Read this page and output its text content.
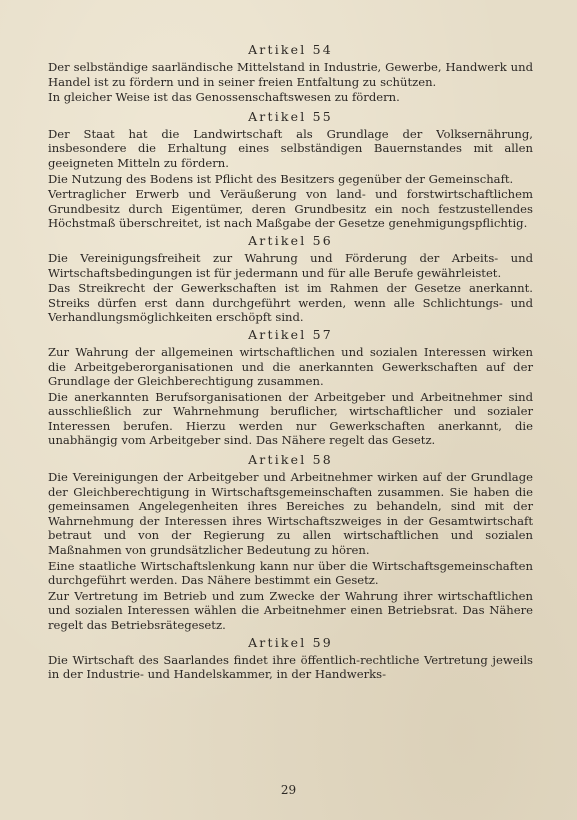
Artikel 54

Der selbständige saarländische Mittelstand in Industrie, Gewerbe, Handwerk und Handel ist zu fördern und in seiner freien Entfaltung zu schützen.

In gleicher Weise ist das Genossenschaftswesen zu fördern.

Artikel 55

Der Staat hat die Landwirtschaft als Grundlage der Volksernährung, insbesondere die Erhaltung eines selbständigen Bauernstandes mit allen geeigneten Mitteln zu fördern.

Die Nutzung des Bodens ist Pflicht des Besitzers gegenüber der Gemeinschaft.

Vertraglicher Erwerb und Veräußerung von land- und forstwirtschaftlichem Grundbesitz durch Eigentümer, deren Grundbesitz ein noch festzustellendes Höchstmaß überschreitet, ist nach Maßgabe der Gesetze genehmigungspflichtig.

Artikel 56

Die Vereinigungsfreiheit zur Wahrung und Förderung der Arbeits- und Wirtschaftsbedingungen ist für jedermann und für alle Berufe gewährleistet.

Das Streikrecht der Gewerkschaften ist im Rahmen der Gesetze anerkannt. Streiks dürfen erst dann durchgeführt werden, wenn alle Schlichtungs- und Verhandlungsmöglichkeiten erschöpft sind.

Artikel 57

Zur Wahrung der allgemeinen wirtschaftlichen und sozialen Interessen wirken die Arbeitgeberorganisationen und die anerkannten Gewerkschaften auf der Grundlage der Gleichberechtigung zusammen.

Die anerkannten Berufsorganisationen der Arbeitgeber und Arbeitnehmer sind ausschließlich zur Wahrnehmung beruflicher, wirtschaftlicher und sozialer Interessen berufen. Hierzu werden nur Gewerkschaften anerkannt, die unabhängig vom Arbeitgeber sind. Das Nähere regelt das Gesetz.

Artikel 58

Die Vereinigungen der Arbeitgeber und Arbeitnehmer wirken auf der Grundlage der Gleichberechtigung in Wirtschaftsgemeinschaften zusammen. Sie haben die gemeinsamen Angelegenheiten ihres Bereiches zu behandeln, sind mit der Wahrnehmung der Interessen ihres Wirtschaftszweiges in der Gesamtwirtschaft betraut und von der Regierung zu allen wirtschaftlichen und sozialen Maßnahmen von grundsätzlicher Bedeutung zu hören.

Eine staatliche Wirtschaftslenkung kann nur über die Wirtschaftsgemeinschaften durchgeführt werden. Das Nähere bestimmt ein Gesetz.

Zur Vertretung im Betrieb und zum Zwecke der Wahrung ihrer wirtschaftlichen und sozialen Interessen wählen die Arbeitnehmer einen Betriebsrat. Das Nähere regelt das Betriebsrätegesetz.

Artikel 59

Die Wirtschaft des Saarlandes findet ihre öffentlich-rechtliche Vertretung jeweils in der Industrie- und Handelskammer, in der Handwerks-

29
